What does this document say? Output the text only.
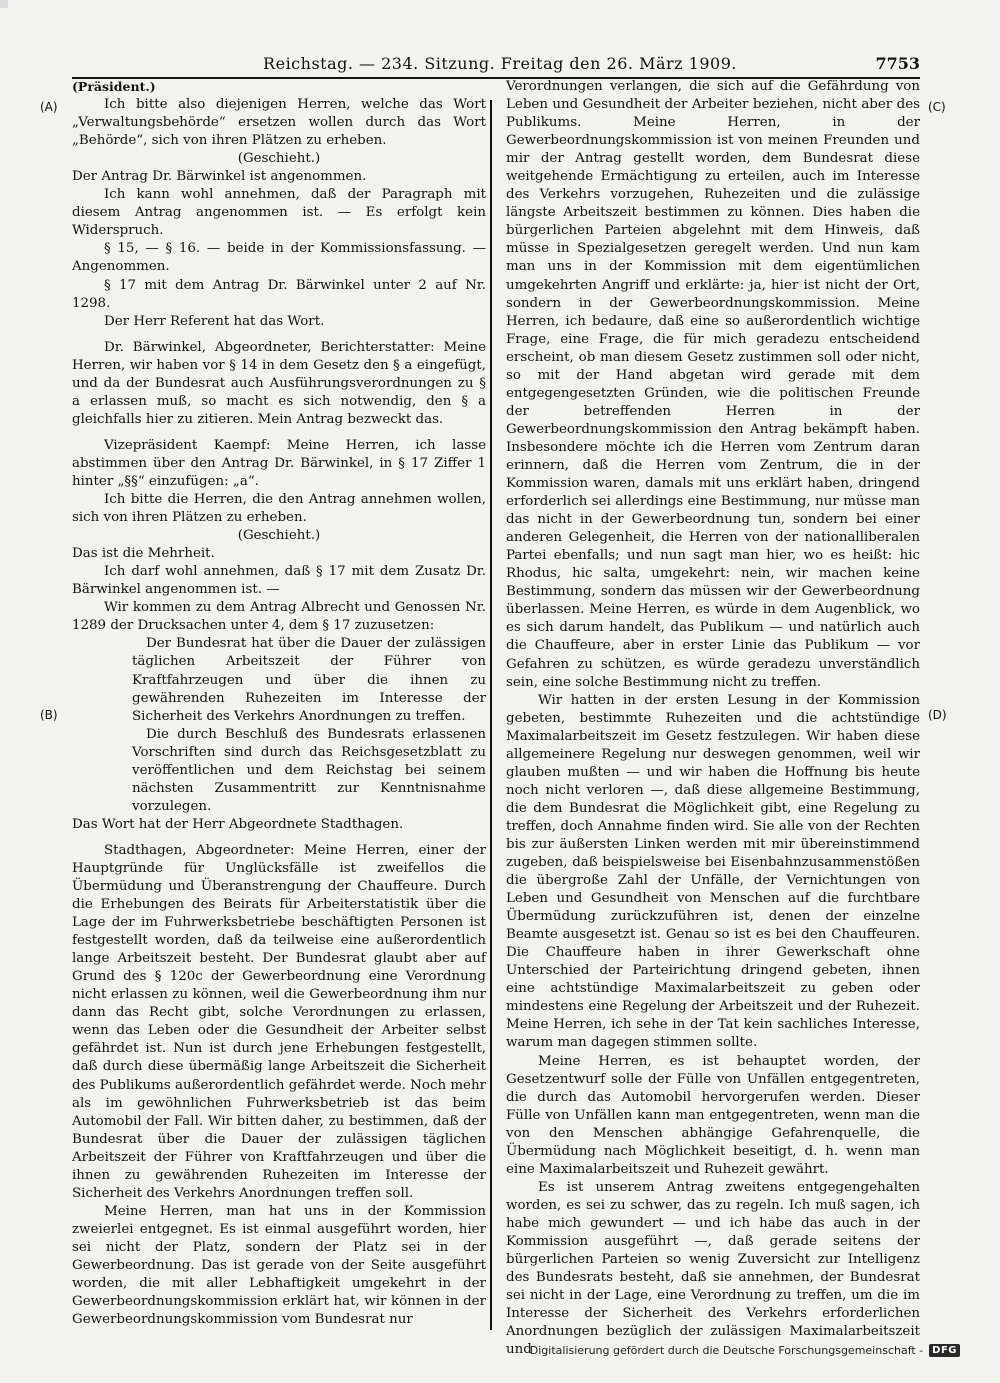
Reichstag. — 234. Sitzung. Freitag den 26. März 1909.	7753
(A)
(B)
(C)
(D)

(Präsident.)

Ich bitte also diejenigen Herren, welche das Wort „Verwaltungsbehörde“ ersetzen wollen durch das Wort „Behörde“, sich von ihren Plätzen zu erheben.

(Geschieht.)

Der Antrag Dr. Bärwinkel ist angenommen.

Ich kann wohl annehmen, daß der Paragraph mit diesem Antrag angenommen ist. — Es erfolgt kein Widerspruch.

§ 15, — § 16. — beide in der Kommissionsfassung. — Angenommen.

§ 17 mit dem Antrag Dr. Bärwinkel unter 2 auf Nr. 1298.

Der Herr Referent hat das Wort.

Dr. Bärwinkel, Abgeordneter, Berichterstatter: Meine Herren, wir haben vor § 14 in dem Gesetz den § a eingefügt, und da der Bundesrat auch Ausführungsverordnungen zu § a erlassen muß, so macht es sich notwendig, den § a gleichfalls hier zu zitieren. Mein Antrag bezweckt das.

Vizepräsident Kaempf: Meine Herren, ich lasse abstimmen über den Antrag Dr. Bärwinkel, in § 17 Ziffer 1 hinter „§§“ einzufügen: „a“.

Ich bitte die Herren, die den Antrag annehmen wollen, sich von ihren Plätzen zu erheben.

(Geschieht.)

Das ist die Mehrheit.

Ich darf wohl annehmen, daß § 17 mit dem Zusatz Dr. Bärwinkel angenommen ist. —

Wir kommen zu dem Antrag Albrecht und Genossen Nr. 1289 der Drucksachen unter 4, dem § 17 zuzusetzen:

Der Bundesrat hat über die Dauer der zulässigen täglichen Arbeitszeit der Führer von Kraftfahrzeugen und über die ihnen zu gewährenden Ruhezeiten im Interesse der Sicherheit des Verkehrs Anordnungen zu treffen.

Die durch Beschluß des Bundesrats erlassenen Vorschriften sind durch das Reichsgesetzblatt zu veröffentlichen und dem Reichstag bei seinem nächsten Zusammentritt zur Kenntnisnahme vorzulegen.

Das Wort hat der Herr Abgeordnete Stadthagen.

Stadthagen, Abgeordneter: Meine Herren, einer der Hauptgründe für Unglücksfälle ist zweifellos die Übermüdung und Überanstrengung der Chauffeure. Durch die Erhebungen des Beirats für Arbeiterstatistik über die Lage der im Fuhrwerksbetriebe beschäftigten Personen ist festgestellt worden, daß da teilweise eine außerordentlich lange Arbeitszeit besteht. Der Bundesrat glaubt aber auf Grund des § 120c der Gewerbeordnung eine Verordnung nicht erlassen zu können, weil die Gewerbeordnung ihm nur dann das Recht gibt, solche Verordnungen zu erlassen, wenn das Leben oder die Gesundheit der Arbeiter selbst gefährdet ist. Nun ist durch jene Erhebungen festgestellt, daß durch diese übermäßig lange Arbeitszeit die Sicherheit des Publikums außerordentlich gefährdet werde. Noch mehr als im gewöhnlichen Fuhrwerksbetrieb ist das beim Automobil der Fall. Wir bitten daher, zu bestimmen, daß der Bundesrat über die Dauer der zulässigen täglichen Arbeitszeit der Führer von Kraftfahrzeugen und über die ihnen zu gewährenden Ruhezeiten im Interesse der Sicherheit des Verkehrs Anordnungen treffen soll.

Meine Herren, man hat uns in der Kommission zweierlei entgegnet. Es ist einmal ausgeführt worden, hier sei nicht der Platz, sondern der Platz sei in der Gewerbeordnung. Das ist gerade von der Seite ausgeführt worden, die mit aller Lebhaftigkeit umgekehrt in der Gewerbeordnungskommission erklärt hat, wir können in der Gewerbeordnungskommission vom Bundesrat nur

Verordnungen verlangen, die sich auf die Gefährdung von Leben und Gesundheit der Arbeiter beziehen, nicht aber des Publikums. Meine Herren, in der Gewerbeordnungskommission ist von meinen Freunden und mir der Antrag gestellt worden, dem Bundesrat diese weitgehende Ermächtigung zu erteilen, auch im Interesse des Verkehrs vorzugehen, Ruhezeiten und die zulässige längste Arbeitszeit bestimmen zu können. Dies haben die bürgerlichen Parteien abgelehnt mit dem Hinweis, daß müsse in Spezialgesetzen geregelt werden. Und nun kam man uns in der Kommission mit dem eigentümlichen umgekehrten Angriff und erklärte: ja, hier ist nicht der Ort, sondern in der Gewerbeordnungskommission. Meine Herren, ich bedaure, daß eine so außerordentlich wichtige Frage, eine Frage, die für mich geradezu entscheidend erscheint, ob man diesem Gesetz zustimmen soll oder nicht, so mit der Hand abgetan wird gerade mit dem entgegengesetzten Gründen, wie die politischen Freunde der betreffenden Herren in der Gewerbeordnungskommission den Antrag bekämpft haben. Insbesondere möchte ich die Herren vom Zentrum daran erinnern, daß die Herren vom Zentrum, die in der Kommission waren, damals mit uns erklärt haben, dringend erforderlich sei allerdings eine Bestimmung, nur müsse man das nicht in der Gewerbeordnung tun, sondern bei einer anderen Gelegenheit, die Herren von der nationalliberalen Partei ebenfalls; und nun sagt man hier, wo es heißt: hic Rhodus, hic salta, umgekehrt: nein, wir machen keine Bestimmung, sondern das müssen wir der Gewerbeordnung überlassen. Meine Herren, es würde in dem Augenblick, wo es sich darum handelt, das Publikum — und natürlich auch die Chauffeure, aber in erster Linie das Publikum — vor Gefahren zu schützen, es würde geradezu unverständlich sein, eine solche Bestimmung nicht zu treffen.

Wir hatten in der ersten Lesung in der Kommission gebeten, bestimmte Ruhezeiten und die achtstündige Maximalarbeitszeit im Gesetz festzulegen. Wir haben diese allgemeinere Regelung nur deswegen genommen, weil wir glauben mußten — und wir haben die Hoffnung bis heute noch nicht verloren —, daß diese allgemeine Bestimmung, die dem Bundesrat die Möglichkeit gibt, eine Regelung zu treffen, doch Annahme finden wird. Sie alle von der Rechten bis zur äußersten Linken werden mit mir übereinstimmend zugeben, daß beispielsweise bei Eisenbahnzusammenstößen die übergroße Zahl der Unfälle, der Vernichtungen von Leben und Gesundheit von Menschen auf die furchtbare Übermüdung zurückzuführen ist, denen der einzelne Beamte ausgesetzt ist. Genau so ist es bei den Chauffeuren. Die Chauffeure haben in ihrer Gewerkschaft ohne Unterschied der Parteirichtung dringend gebeten, ihnen eine achtstündige Maximalarbeitszeit zu geben oder mindestens eine Regelung der Arbeitszeit und der Ruhezeit. Meine Herren, ich sehe in der Tat kein sachliches Interesse, warum man dagegen stimmen sollte.

Meine Herren, es ist behauptet worden, der Gesetzentwurf solle der Fülle von Unfällen entgegentreten, die durch das Automobil hervorgerufen werden. Dieser Fülle von Unfällen kann man entgegentreten, wenn man die von den Menschen abhängige Gefahrenquelle, die Übermüdung nach Möglichkeit beseitigt, d. h. wenn man eine Maximalarbeitszeit und Ruhezeit gewährt.

Es ist unserem Antrag zweitens entgegengehalten worden, es sei zu schwer, das zu regeln. Ich muß sagen, ich habe mich gewundert — und ich habe das auch in der Kommission ausgeführt —, daß gerade seitens der bürgerlichen Parteien so wenig Zuversicht zur Intelligenz des Bundesrats besteht, daß sie annehmen, der Bundesrat sei nicht in der Lage, eine Verordnung zu treffen, um die im Interesse der Sicherheit des Verkehrs erforderlichen Anordnungen bezüglich der zulässigen Maximalarbeitszeit und

Digitalisierung gefördert durch die Deutsche Forschungsgemeinschaft - DFG
